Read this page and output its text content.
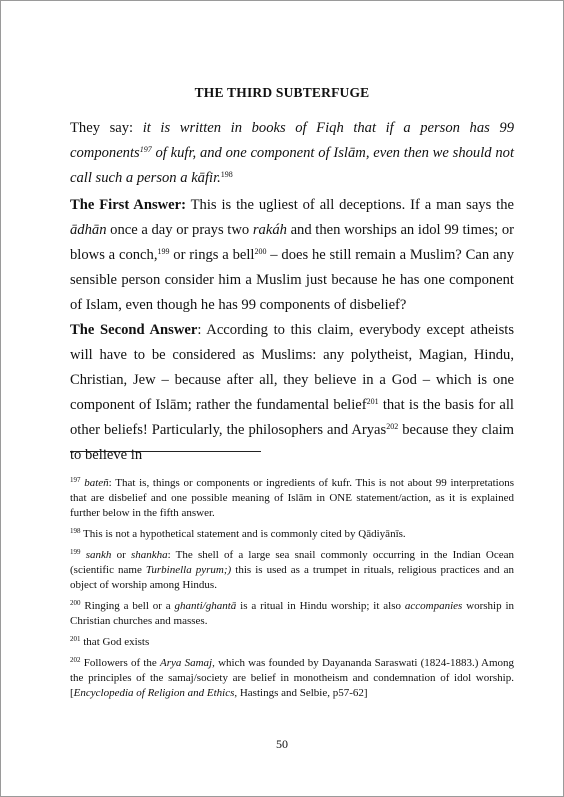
THE THIRD SUBTERFUGE

They say: it is written in books of Fiqh that if a person has 99 components$^{197}$ of kufr, and one component of Islām, even then we should not call such a person a kāfir.$^{198}$

The First Answer: This is the ugliest of all deceptions. If a man says the ādhān once a day or prays two rakáh and then worships an idol 99 times; or blows a conch,$^{199}$ or rings a bell$^{200}$ – does he still remain a Muslim? Can any sensible person consider him a Muslim just because he has one component of Islam, even though he has 99 components of disbelief?

The Second Answer: According to this claim, everybody except atheists will have to be considered as Muslims: any polytheist, Magian, Hindu, Christian, Jew – because after all, they believe in a God – which is one component of Islām; rather the fundamental belief$^{201}$ that is the basis for all other beliefs! Particularly, the philosophers and Aryas$^{202}$ because they claim to believe in

$^{197}$ bateñ: That is, things or components or ingredients of kufr. This is not about 99 interpretations that are disbelief and one possible meaning of Islām in ONE statement/action, as it is explained further below in the fifth answer.

$^{198}$ This is not a hypothetical statement and is commonly cited by Qādiyānīs.

$^{199}$ sankh or shankha: The shell of a large sea snail commonly occurring in the Indian Ocean (scientific name Turbinella pyrum;) this is used as a trumpet in rituals, religious practices and an object of worship among Hindus.

$^{200}$ Ringing a bell or a ghanti/ghantā is a ritual in Hindu worship; it also accompanies worship in Christian churches and masses.

$^{201}$ that God exists

$^{202}$ Followers of the Arya Samaj, which was founded by Dayananda Saraswati (1824-1883.) Among the principles of the samaj/society are belief in monotheism and condemnation of idol worship. [Encyclopedia of Religion and Ethics, Hastings and Selbie, p57-62]

50
